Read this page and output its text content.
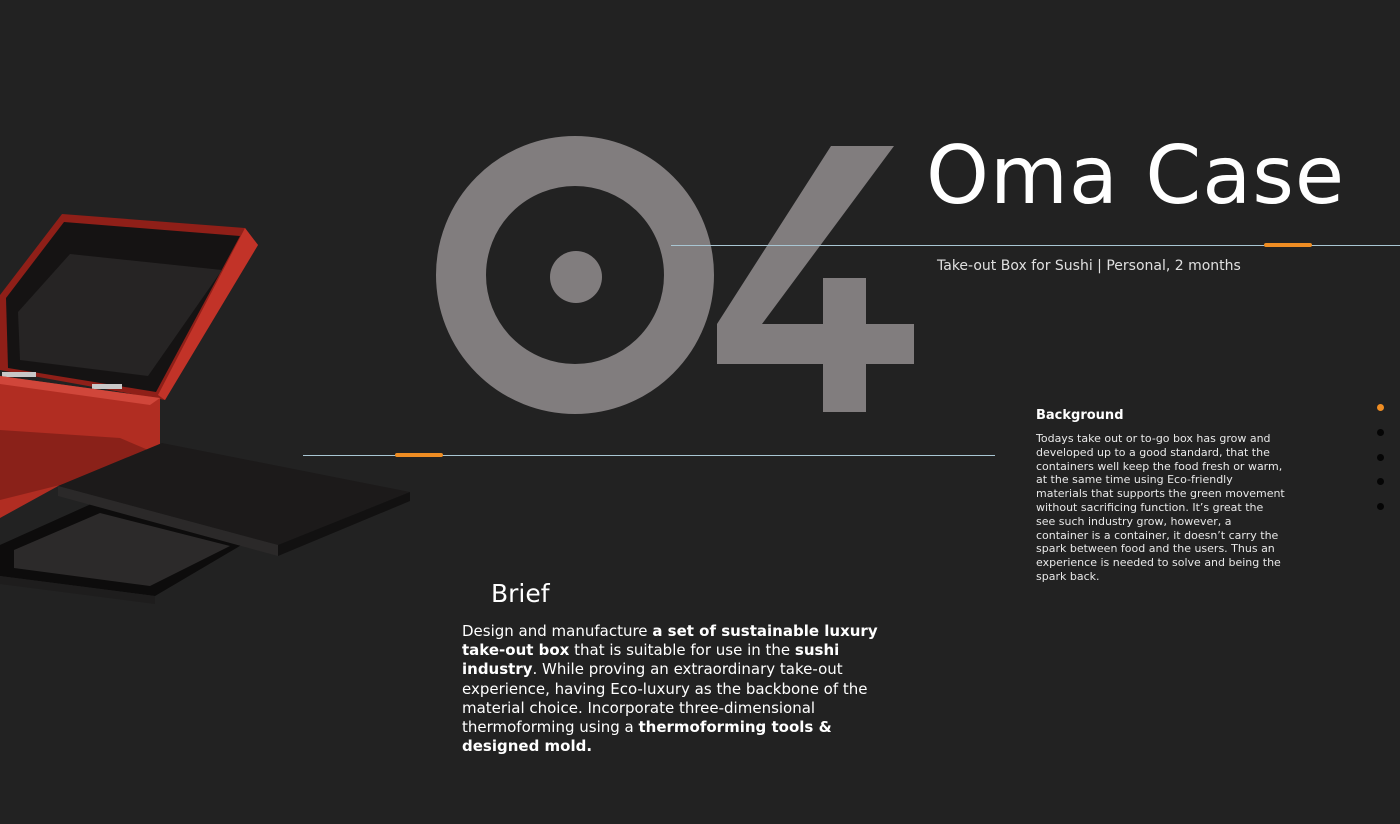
Oma Case
Take-out Box for Sushi | Personal, 2 months
Background
Todays take out or to-go box has grow and developed up to a good standard, that the containers well keep the food fresh or warm, at the same time using Eco-friendly materials that supports the green movement without sacrificing function. It’s great the see such industry grow, however, a container is a container, it doesn’t carry the spark between food and the users. Thus an experience is needed to solve and being the spark back.
Brief
Design and manufacture a set of sustainable luxury take-out box that is suitable for use in the sushi industry. While proving an extraordinary take-out experience, having Eco-luxury as the backbone of the material choice. Incorporate three-dimensional thermoforming using a thermoforming tools & designed mold.
